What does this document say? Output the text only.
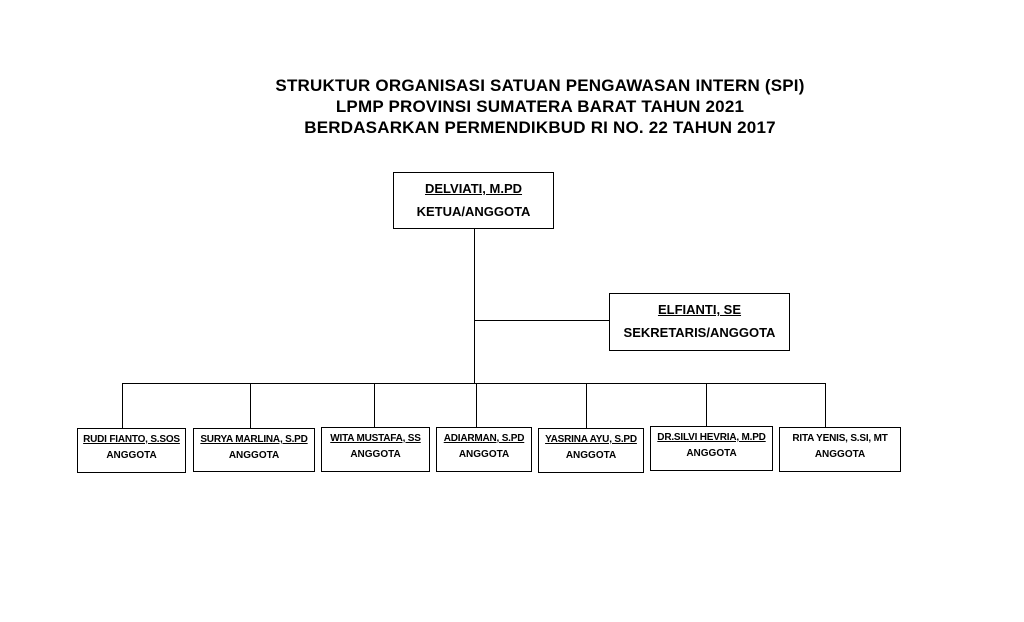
STRUKTUR ORGANISASI SATUAN PENGAWASAN INTERN (SPI)
LPMP PROVINSI SUMATERA BARAT TAHUN 2021
BERDASARKAN PERMENDIKBUD RI NO. 22 TAHUN 2017
DELVIATI, M.PD
KETUA/ANGGOTA
ELFIANTI, SE
SEKRETARIS/ANGGOTA
RUDI FIANTO, S.SOS
ANGGOTA
SURYA MARLINA, S.PD
ANGGOTA
WITA MUSTAFA, SS
ANGGOTA
ADIARMAN, S.PD
ANGGOTA
YASRINA AYU, S.PD
ANGGOTA
DR.SILVI HEVRIA, M.PD
ANGGOTA
RITA YENIS, S.SI, MT
ANGGOTA
